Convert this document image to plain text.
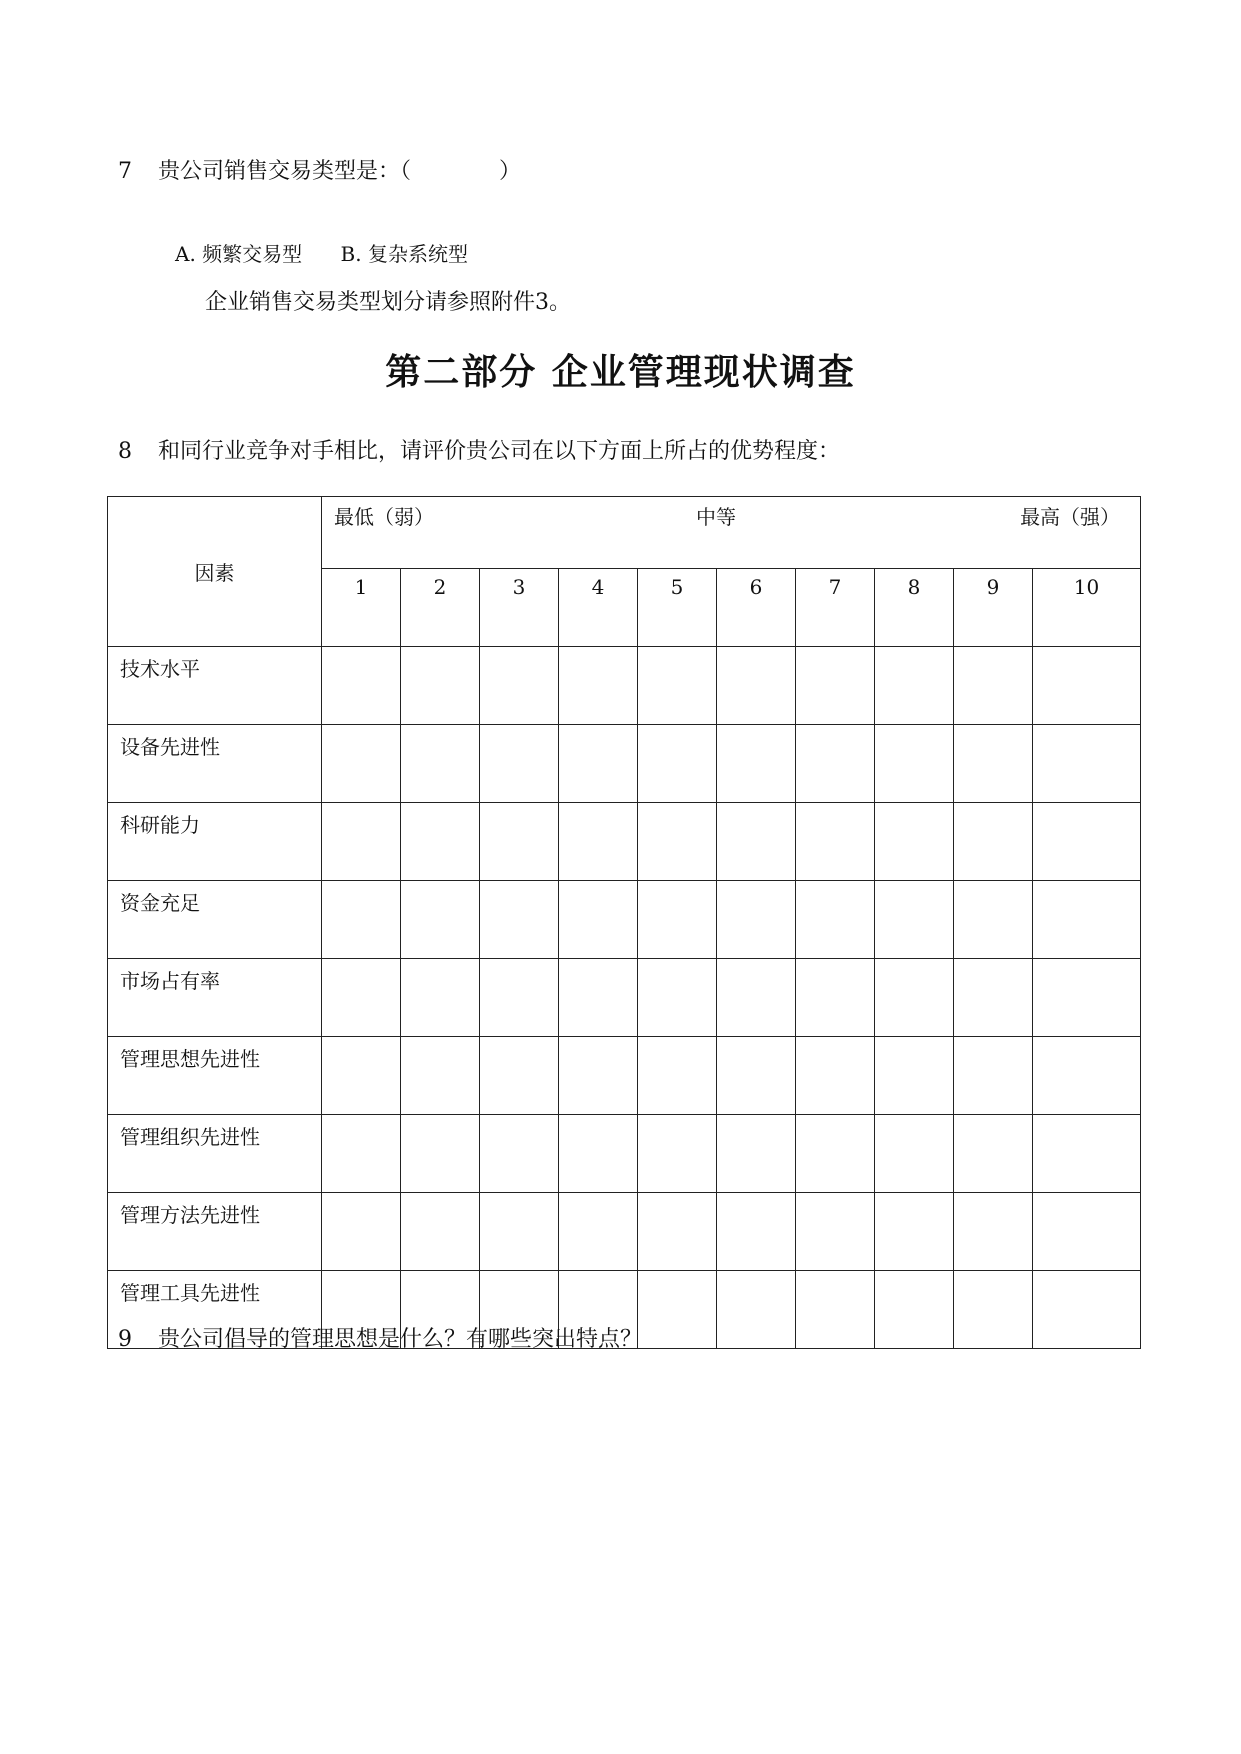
7 贵公司销售交易类型是：（　　　　）
A. 频繁交易型 B. 复杂系统型
企业销售交易类型划分请参照附件3。
第二部分 企业管理现状调查
8 和同行业竞争对手相比，请评价贵公司在以下方面上所占的优势程度：
因素	最低（弱） 中等 最高（强）									

	1	2	3	4	5	6	7	8	9	10
技术水平										
设备先进性										
科研能力										
资金充足										
市场占有率										
管理思想先进性										
管理组织先进性										
管理方法先进性										
管理工具先进性										
9 贵公司倡导的管理思想是什么？有哪些突出特点？
